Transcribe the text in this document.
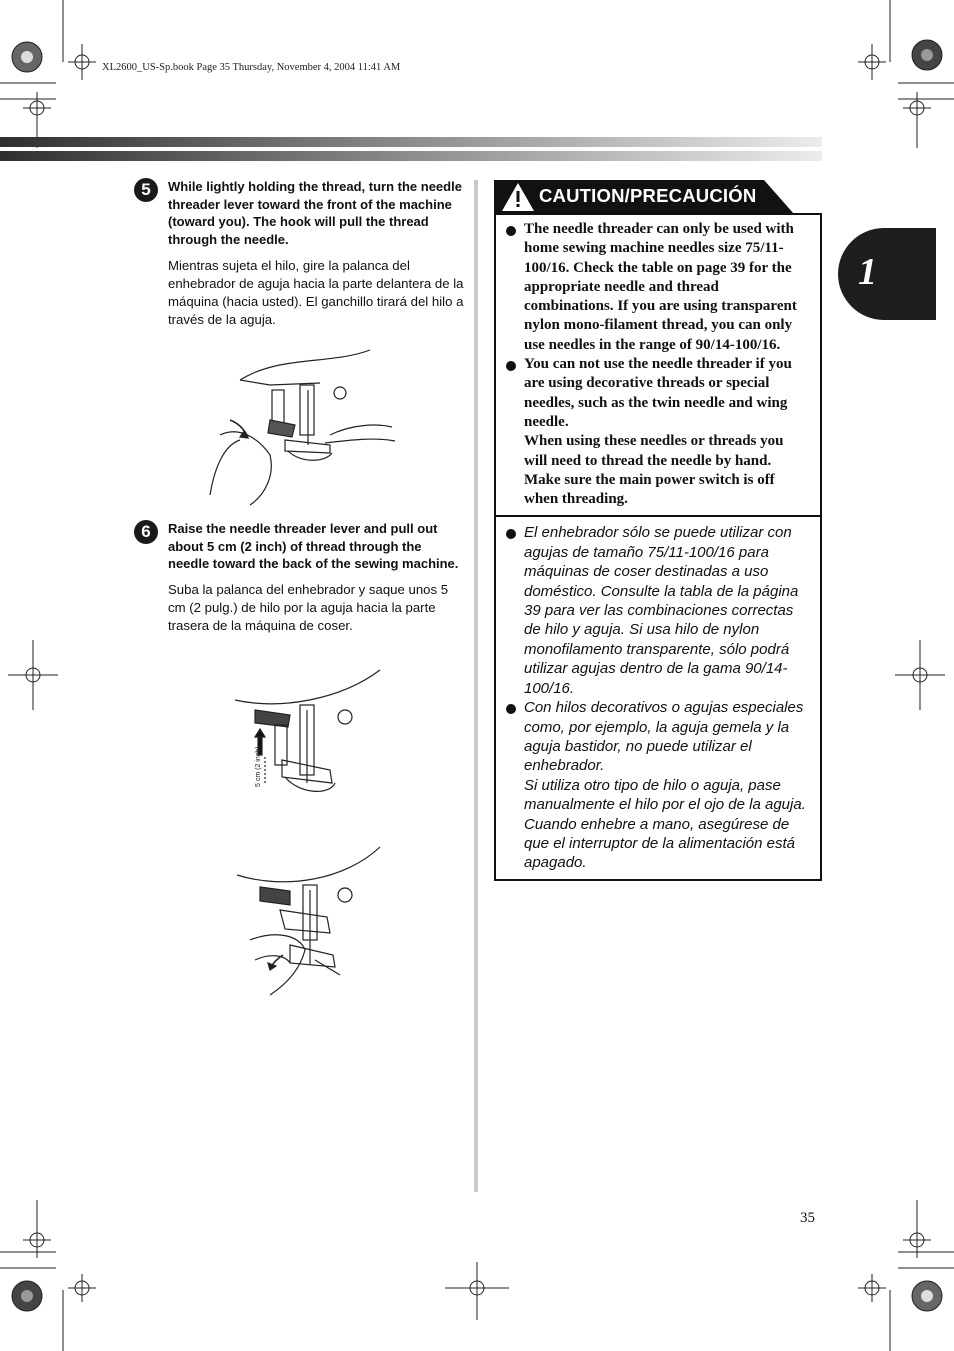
XL2600_US-Sp.book Page 35 Thursday, November 4, 2004 11:41 AM
1
5	While lightly holding the thread, turn the needle threader lever toward the front of the machine (toward you). The hook will pull the thread through the needle.
Mientras sujeta el hilo, gire la palanca del enhebrador de aguja hacia la parte delantera de la máquina (hacia usted). El ganchillo tirará del hilo a través de la aguja.
6	Raise the needle threader lever and pull out about 5 cm (2 inch) of thread through the needle toward the back of the sewing machine.
Suba la palanca del enhebrador y saque unos 5 cm (2 pulg.) de hilo por la aguja hacia la parte trasera de la máquina de coser.
5 cm (2 inch)
CAUTION/PRECAUCIÓN
The needle threader can only be used with home sewing machine needles size 75/11-100/16. Check the table on page 39 for the appropriate needle and thread combinations. If you are using transparent nylon mono-filament thread, you can only use needles in the range of 90/14-100/16.
You can not use the needle threader if you are using decorative threads or special needles, such as the twin needle and wing needle.
When using these needles or threads you will need to thread the needle by hand. Make sure the main power switch is off when threading.
El enhebrador sólo se puede utilizar con agujas de tamaño 75/11-100/16 para máquinas de coser destinadas a uso doméstico. Consulte la tabla de la página 39 para ver las combinaciones correctas de hilo y aguja. Si usa hilo de nylon monofilamento transparente, sólo podrá utilizar agujas dentro de la gama 90/14-100/16.
Con hilos decorativos o agujas especiales como, por ejemplo, la aguja gemela y la aguja bastidor, no puede utilizar el enhebrador.
Si utiliza otro tipo de hilo o aguja, pase manualmente el hilo por el ojo de la aguja. Cuando enhebre a mano, asegúrese de que el interruptor de la alimentación está apagado.
35
